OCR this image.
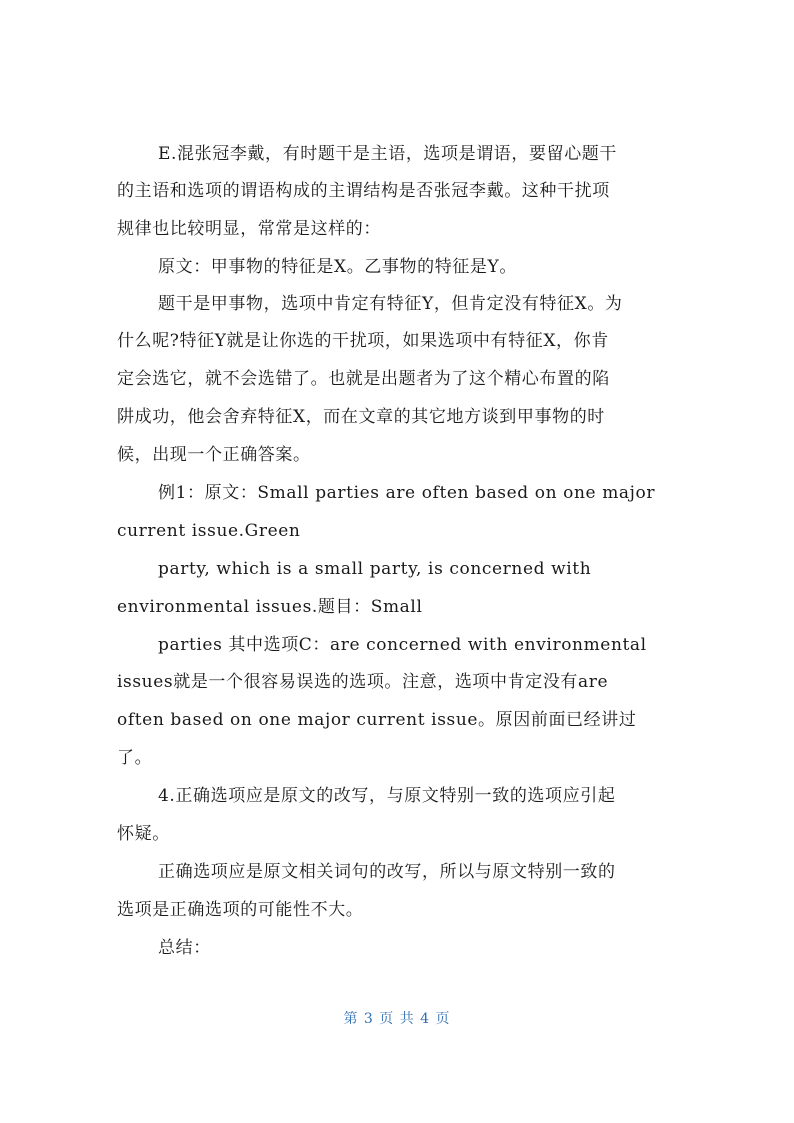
E.混张冠李戴，有时题干是主语，选项是谓语，要留心题干
的主语和选项的谓语构成的主谓结构是否张冠李戴。这种干扰项
规律也比较明显，常常是这样的：
原文：甲事物的特征是X。乙事物的特征是Y。
题干是甲事物，选项中肯定有特征Y，但肯定没有特征X。为
什么呢?特征Y就是让你选的干扰项，如果选项中有特征X，你肯
定会选它，就不会选错了。也就是出题者为了这个精心布置的陷
阱成功，他会舍弃特征X，而在文章的其它地方谈到甲事物的时
候，出现一个正确答案。
例1：原文：Small parties are often based on one major
current issue.Green
party, which is a small party, is concerned with
environmental issues.题目：Small
parties 其中选项C：are concerned with environmental
issues就是一个很容易误选的选项。注意，选项中肯定没有are
often based on one major current issue。原因前面已经讲过
了。
4.正确选项应是原文的改写，与原文特别一致的选项应引起
怀疑。
正确选项应是原文相关词句的改写，所以与原文特别一致的
选项是正确选项的可能性不大。
总结：
第 3 页 共 4 页
